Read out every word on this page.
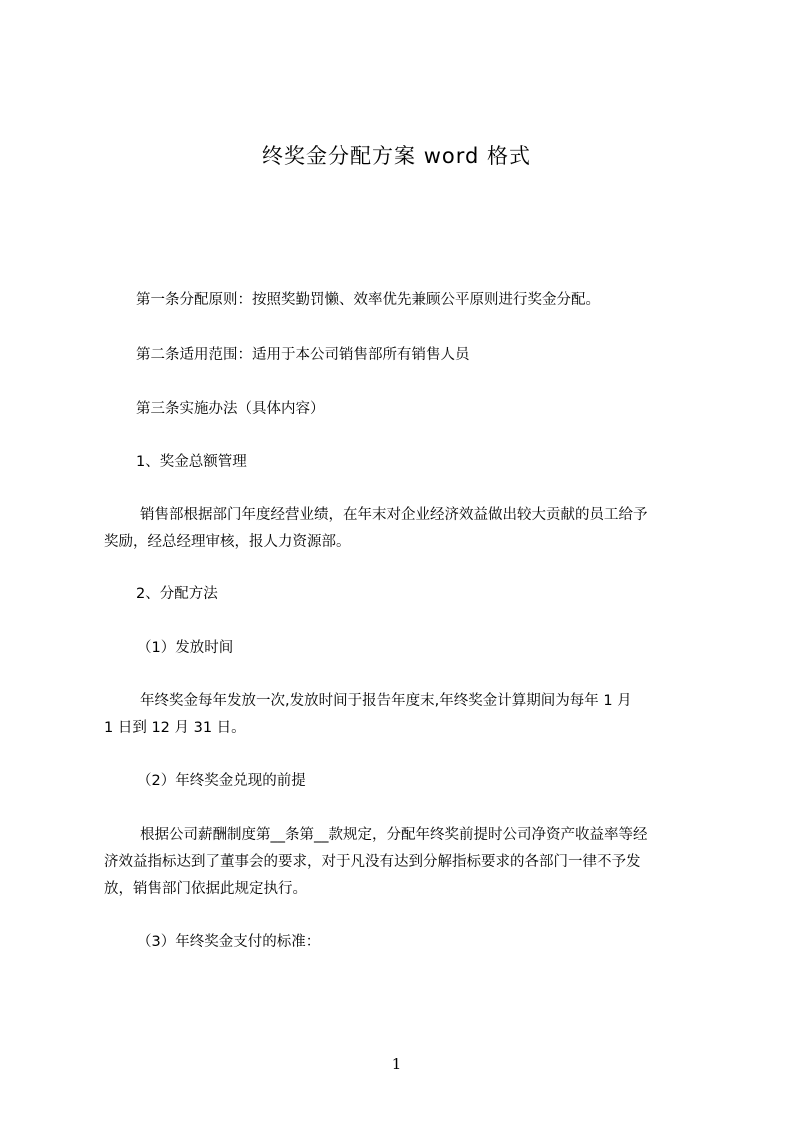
终奖金分配方案 word 格式
第一条分配原则：按照奖勤罚懒、效率优先兼顾公平原则进行奖金分配。
第二条适用范围：适用于本公司销售部所有销售人员
第三条实施办法（具体内容）
1、奖金总额管理
销售部根据部门年度经营业绩，在年末对企业经济效益做出较大贡献的员工给予
奖励，经总经理审核，报人力资源部。
2、分配方法
（1）发放时间
年终奖金每年发放一次,发放时间于报告年度末,年终奖金计算期间为每年 1 月
1 日到 12 月 31 日。
（2）年终奖金兑现的前提
根据公司薪酬制度第__条第__款规定，分配年终奖前提时公司净资产收益率等经
济效益指标达到了董事会的要求，对于凡没有达到分解指标要求的各部门一律不予发
放，销售部门依据此规定执行。
（3）年终奖金支付的标准：
1
